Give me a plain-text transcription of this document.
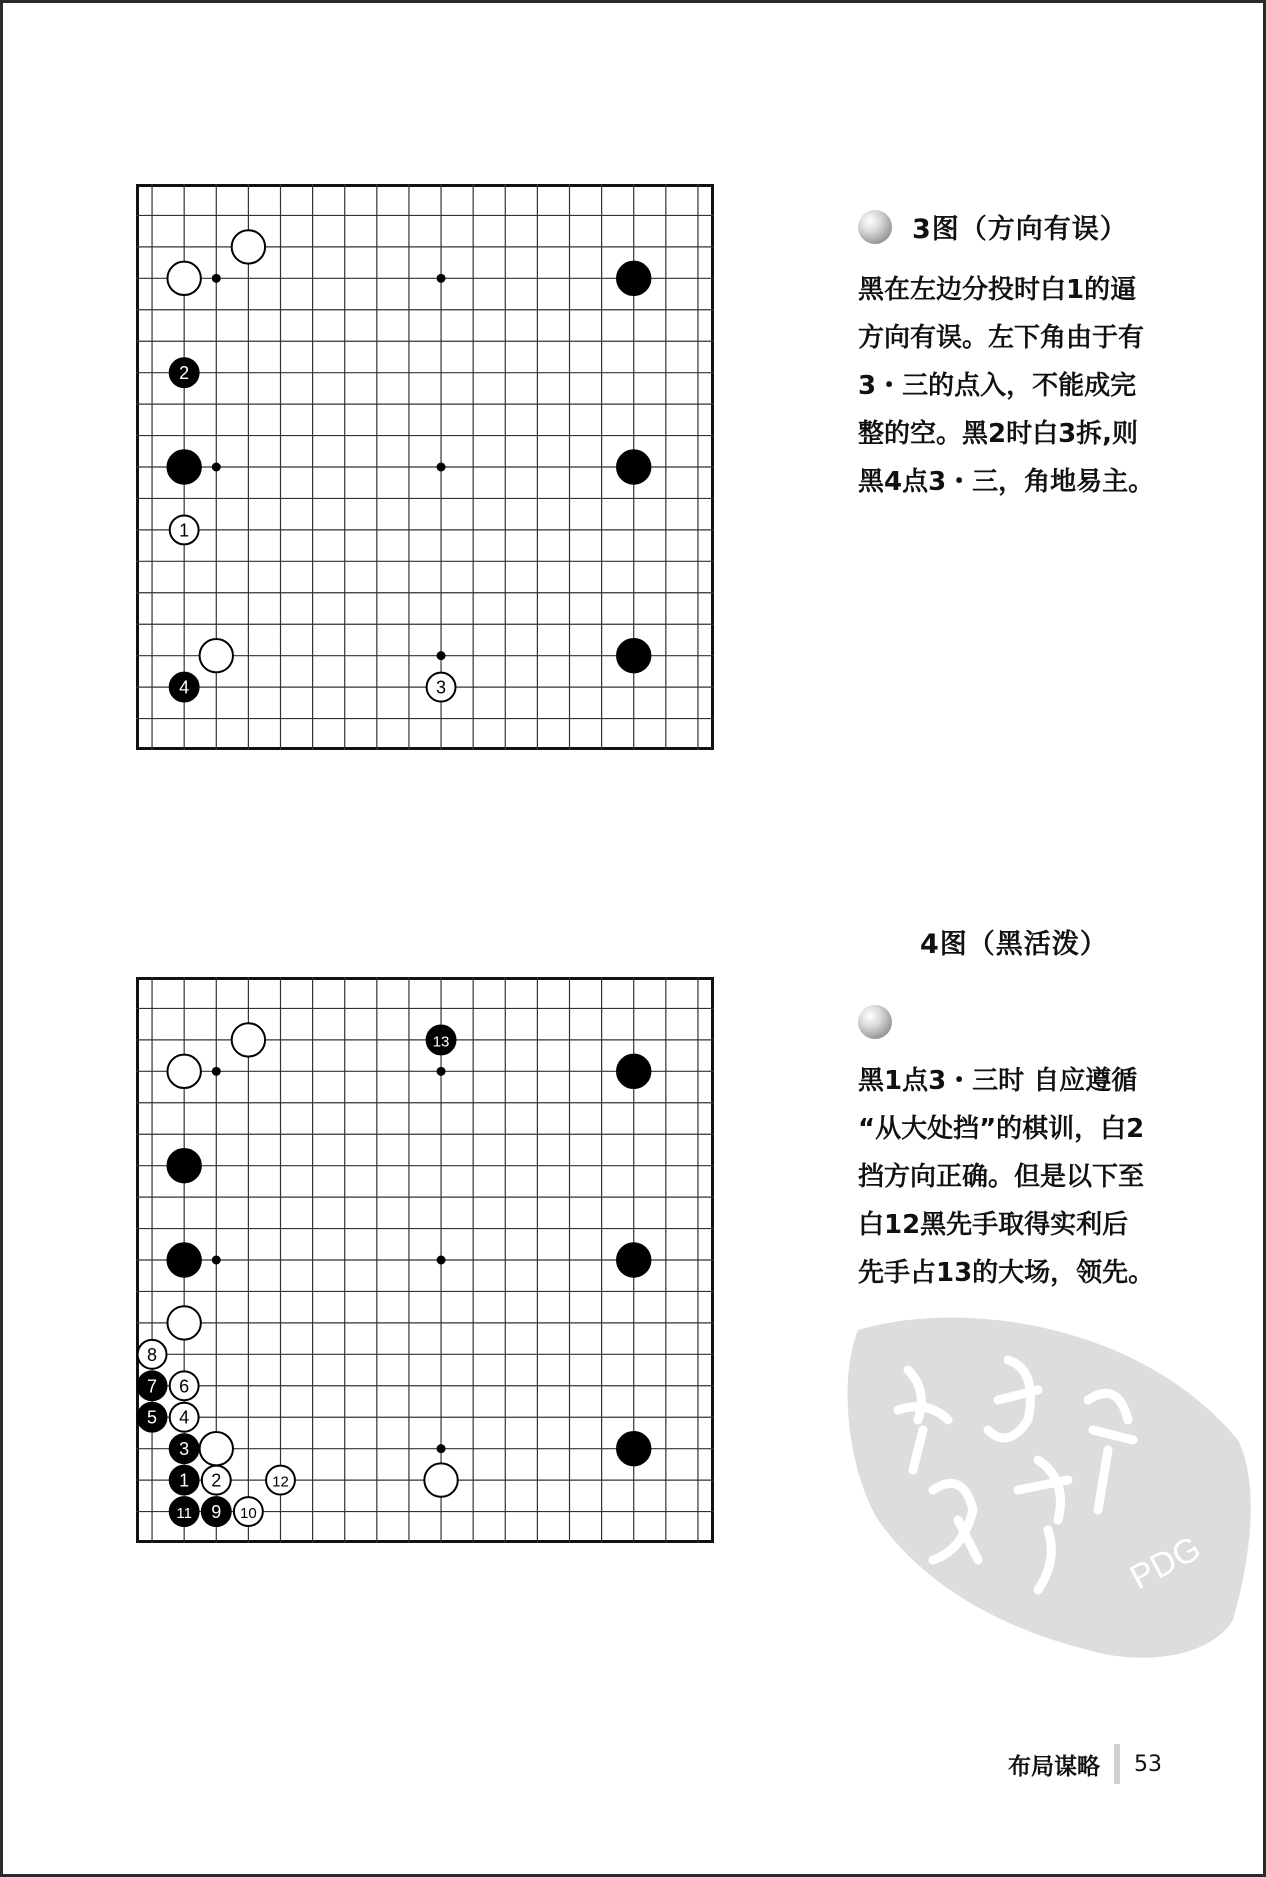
2
1
4	3
3图（方向有误）
黑在左边分投时白1的逼
方向有误。左下角由于有
3・三的点入，不能成完
整的空。黑2时白3拆,则
黑4点3・三，角地易主。
13
8
7 6
5 4
3
1 2	12
11 9 10
4图（黑活泼）
黑1点3・三时 自应遵循
“从大处挡”的棋训，白2
挡方向正确。但是以下至
白12黑先手取得实利后
先手占13的大场，领先。
PDG
布局谋略 53
